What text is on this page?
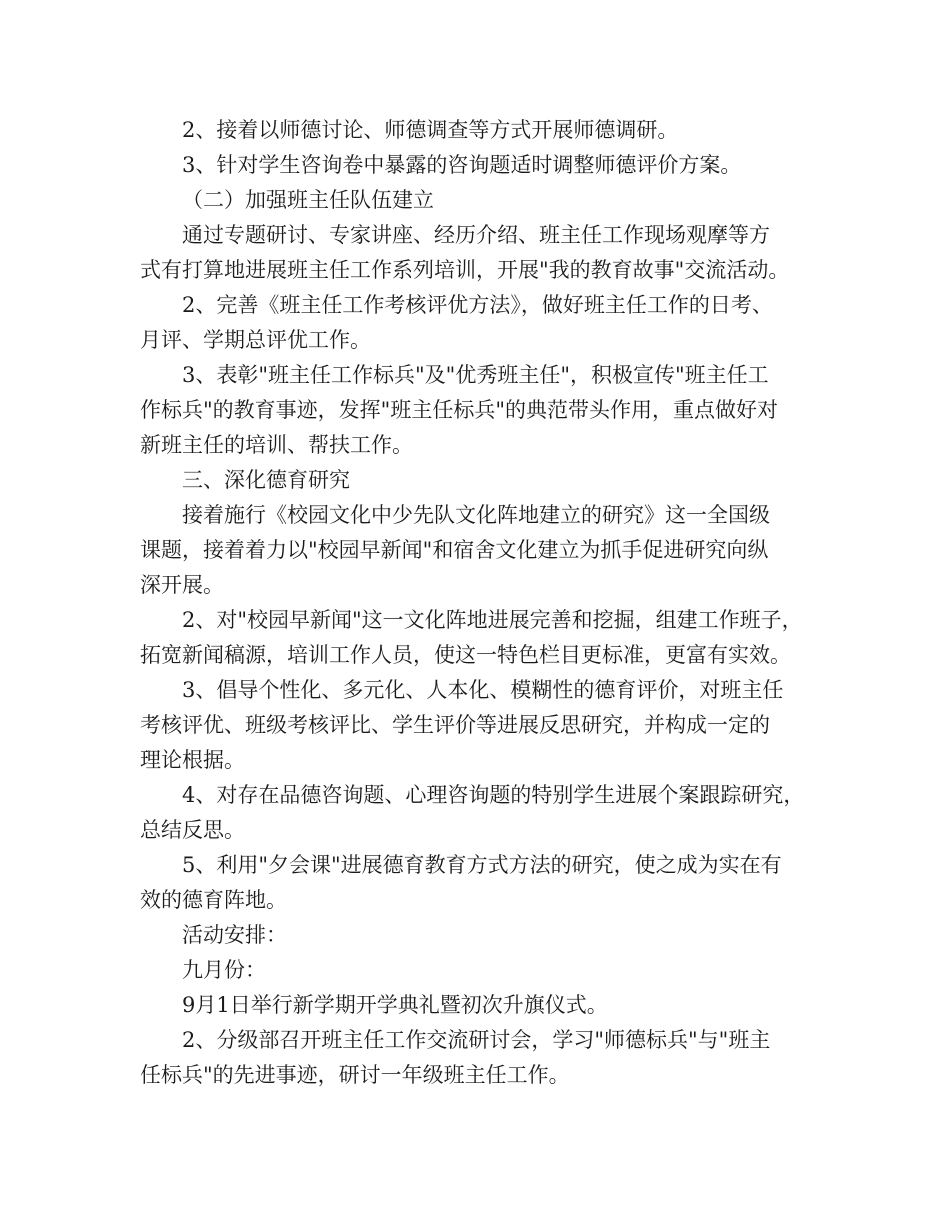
2、接着以师德讨论、师德调查等方式开展师德调研。
3、针对学生咨询卷中暴露的咨询题适时调整师德评价方案。
（二）加强班主任队伍建立
通过专题研讨、专家讲座、经历介绍、班主任工作现场观摩等方
式有打算地进展班主任工作系列培训，开展"我的教育故事"交流活动。
2、完善《班主任工作考核评优方法》，做好班主任工作的日考、
月评、学期总评优工作。
3、表彰"班主任工作标兵"及"优秀班主任"，积极宣传"班主任工
作标兵"的教育事迹，发挥"班主任标兵"的典范带头作用，重点做好对
新班主任的培训、帮扶工作。
三、深化德育研究
接着施行《校园文化中少先队文化阵地建立的研究》这一全国级
课题，接着着力以"校园早新闻"和宿舍文化建立为抓手促进研究向纵
深开展。
2、对"校园早新闻"这一文化阵地进展完善和挖掘，组建工作班子，
拓宽新闻稿源，培训工作人员，使这一特色栏目更标准，更富有实效。
3、倡导个性化、多元化、人本化、模糊性的德育评价，对班主任
考核评优、班级考核评比、学生评价等进展反思研究，并构成一定的
理论根据。
4、对存在品德咨询题、心理咨询题的特别学生进展个案跟踪研究，
总结反思。
5、利用"夕会课"进展德育教育方式方法的研究，使之成为实在有
效的德育阵地。
活动安排：
九月份：
9月1日举行新学期开学典礼暨初次升旗仪式。
2、分级部召开班主任工作交流研讨会，学习"师德标兵"与"班主
任标兵"的先进事迹，研讨一年级班主任工作。
